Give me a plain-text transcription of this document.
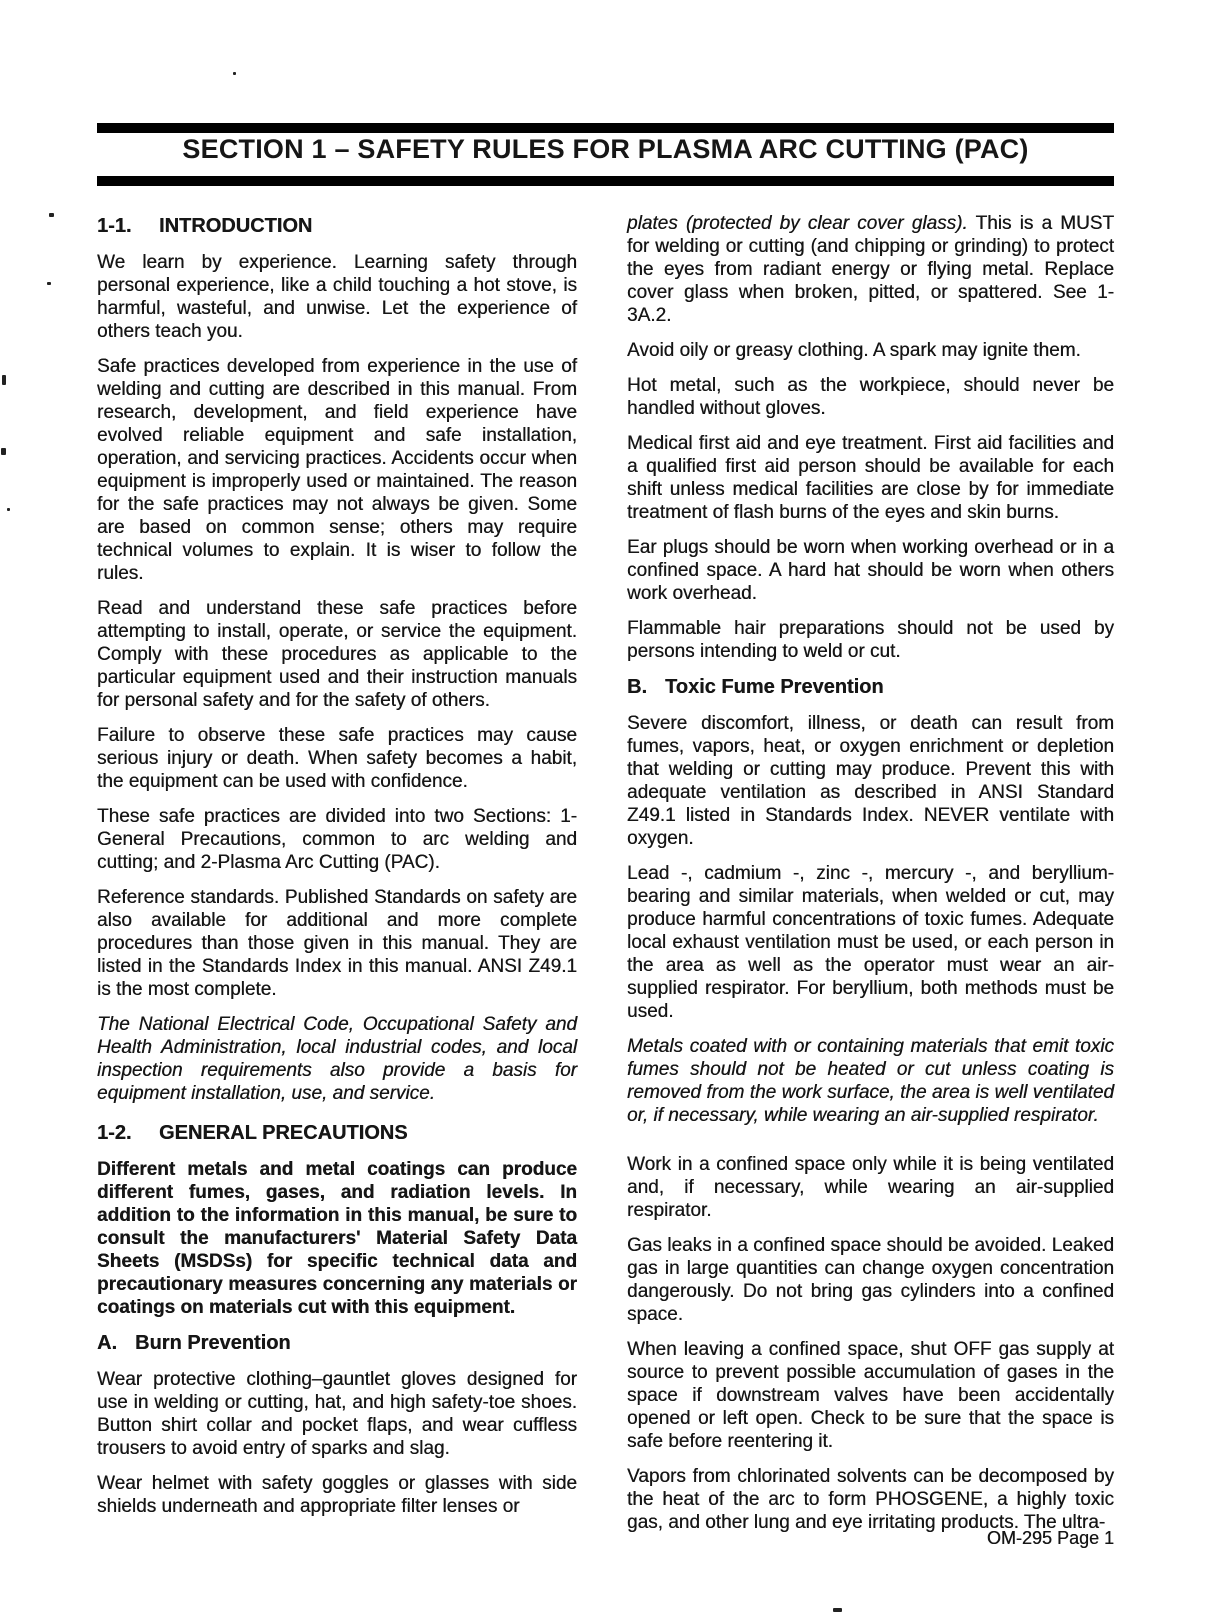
SECTION 1 – SAFETY RULES FOR PLASMA ARC CUTTING (PAC)
1-1.	INTRODUCTION

We learn by experience. Learning safety through personal experience, like a child touching a hot stove, is harmful, wasteful, and unwise. Let the experience of others teach you.

Safe practices developed from experience in the use of welding and cutting are described in this manual. From research, development, and field experience have evolved reliable equipment and safe installation, operation, and servicing practices. Accidents occur when equipment is improperly used or maintained. The reason for the safe practices may not always be given. Some are based on common sense; others may require technical volumes to explain. It is wiser to follow the rules.

Read and understand these safe practices before attempting to install, operate, or service the equipment. Comply with these procedures as applicable to the particular equipment used and their instruction manuals for personal safety and for the safety of others.

Failure to observe these safe practices may cause serious injury or death. When safety becomes a habit, the equipment can be used with confidence.

These safe practices are divided into two Sections: 1-General Precautions, common to arc welding and cutting; and 2-Plasma Arc Cutting (PAC).

Reference standards. Published Standards on safety are also available for additional and more complete procedures than those given in this manual. They are listed in the Standards Index in this manual. ANSI Z49.1 is the most complete.

The National Electrical Code, Occupational Safety and Health Administration, local industrial codes, and local inspection requirements also provide a basis for equipment installation, use, and service.

1-2.	GENERAL PRECAUTIONS

Different metals and metal coatings can produce different fumes, gases, and radiation levels. In addition to the information in this manual, be sure to consult the manufacturers' Material Safety Data Sheets (MSDSs) for specific technical data and precautionary measures concerning any materials or coatings on materials cut with this equipment.

A. Burn Prevention

Wear protective clothing–gauntlet gloves designed for use in welding or cutting, hat, and high safety-toe shoes. Button shirt collar and pocket flaps, and wear cuffless trousers to avoid entry of sparks and slag.

Wear helmet with safety goggles or glasses with side shields underneath and appropriate filter lenses or

plates (protected by clear cover glass). This is a MUST for welding or cutting (and chipping or grinding) to protect the eyes from radiant energy or flying metal. Replace cover glass when broken, pitted, or spattered. See 1-3A.2.

Avoid oily or greasy clothing. A spark may ignite them.

Hot metal, such as the workpiece, should never be handled without gloves.

Medical first aid and eye treatment. First aid facilities and a qualified first aid person should be available for each shift unless medical facilities are close by for immediate treatment of flash burns of the eyes and skin burns.

Ear plugs should be worn when working overhead or in a confined space. A hard hat should be worn when others work overhead.

Flammable hair preparations should not be used by persons intending to weld or cut.

B. Toxic Fume Prevention

Severe discomfort, illness, or death can result from fumes, vapors, heat, or oxygen enrichment or depletion that welding or cutting may produce. Prevent this with adequate ventilation as described in ANSI Standard Z49.1 listed in Standards Index. NEVER ventilate with oxygen.

Lead -, cadmium -, zinc -, mercury -, and beryllium-bearing and similar materials, when welded or cut, may produce harmful concentrations of toxic fumes. Adequate local exhaust ventilation must be used, or each person in the area as well as the operator must wear an air-supplied respirator. For beryllium, both methods must be used.

Metals coated with or containing materials that emit toxic fumes should not be heated or cut unless coating is removed from the work surface, the area is well ventilated or, if necessary, while wearing an air-supplied respirator.

Work in a confined space only while it is being ventilated and, if necessary, while wearing an air-supplied respirator.

Gas leaks in a confined space should be avoided. Leaked gas in large quantities can change oxygen concentration dangerously. Do not bring gas cylinders into a confined space.

When leaving a confined space, shut OFF gas supply at source to prevent possible accumulation of gases in the space if downstream valves have been accidentally opened or left open. Check to be sure that the space is safe before reentering it.

Vapors from chlorinated solvents can be decomposed by the heat of the arc to form PHOSGENE, a highly toxic gas, and other lung and eye irritating products. The ultra-

OM-295 Page 1
